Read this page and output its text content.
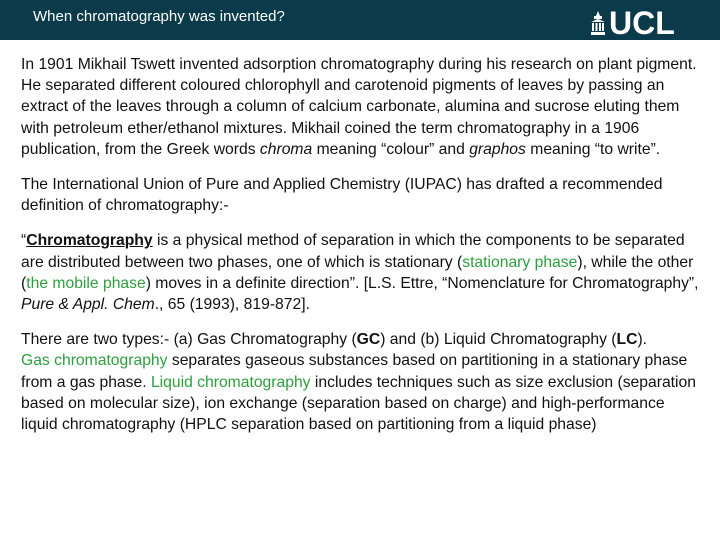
When chromatography was invented?	UCL

In 1901 Mikhail Tswett invented adsorption chromatography during his research on plant pigment. He separated different coloured chlorophyll and carotenoid pigments of leaves by passing an extract of the leaves through a column of calcium carbonate, alumina and sucrose eluting them with petroleum ether/ethanol mixtures. Mikhail coined the term chromatography in a 1906 publication, from the Greek words chroma meaning “colour” and graphos meaning “to write”.

The International Union of Pure and Applied Chemistry (IUPAC) has drafted a recommended definition of chromatography:-

“Chromatography is a physical method of separation in which the components to be separated are distributed between two phases, one of which is stationary (stationary phase), while the other (the mobile phase) moves in a definite direction”. [L.S. Ettre, “Nomenclature for Chromatography”, Pure & Appl. Chem., 65 (1993), 819-872].

There are two types:- (a) Gas Chromatography (GC) and (b) Liquid Chromatography (LC).
Gas chromatography separates gaseous substances based on partitioning in a stationary phase from a gas phase. Liquid chromatography includes techniques such as size exclusion (separation based on molecular size), ion exchange (separation based on charge) and high-performance liquid chromatography (HPLC separation based on partitioning from a liquid phase)
